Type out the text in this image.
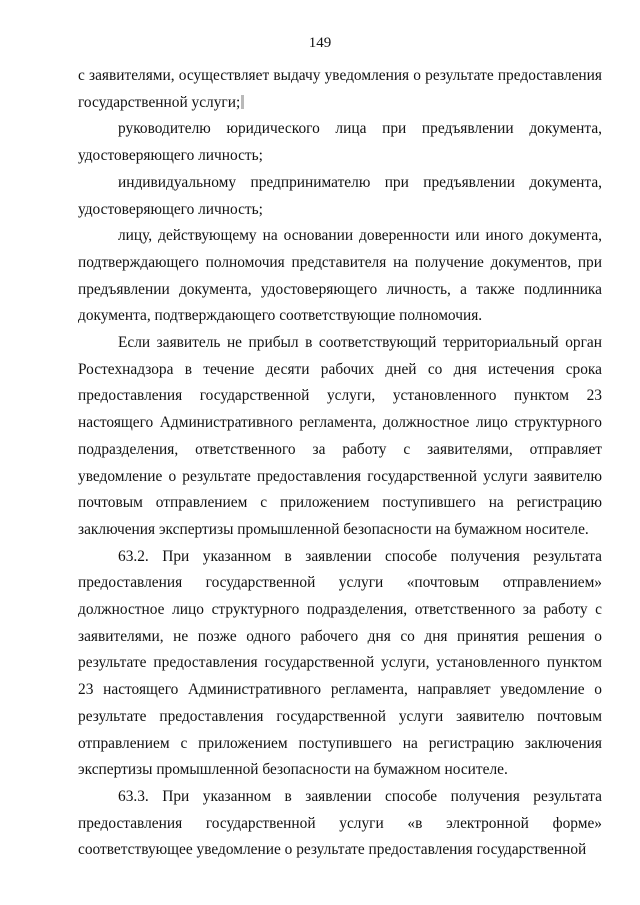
149

с заявителями, осуществляет выдачу уведомления о результате предоставления государственной услуги;

руководителю юридического лица при предъявлении документа, удостоверяющего личность;

индивидуальному предпринимателю при предъявлении документа, удостоверяющего личность;

лицу, действующему на основании доверенности или иного документа, подтверждающего полномочия представителя на получение документов, при предъявлении документа, удостоверяющего личность, а также подлинника документа, подтверждающего соответствующие полномочия.

Если заявитель не прибыл в соответствующий территориальный орган Ростехнадзора в течение десяти рабочих дней со дня истечения срока предоставления государственной услуги, установленного пунктом 23 настоящего Административного регламента, должностное лицо структурного подразделения, ответственного за работу с заявителями, отправляет уведомление о результате предоставления государственной услуги заявителю почтовым отправлением с приложением поступившего на регистрацию заключения экспертизы промышленной безопасности на бумажном носителе.

63.2. При указанном в заявлении способе получения результата предоставления государственной услуги «почтовым отправлением» должностное лицо структурного подразделения, ответственного за работу с заявителями, не позже одного рабочего дня со дня принятия решения о результате предоставления государственной услуги, установленного пунктом 23 настоящего Административного регламента, направляет уведомление о результате предоставления государственной услуги заявителю почтовым отправлением с приложением поступившего на регистрацию заключения экспертизы промышленной безопасности на бумажном носителе.

63.3. При указанном в заявлении способе получения результата предоставления государственной услуги «в электронной форме» соответствующее уведомление о результате предоставления государственной
